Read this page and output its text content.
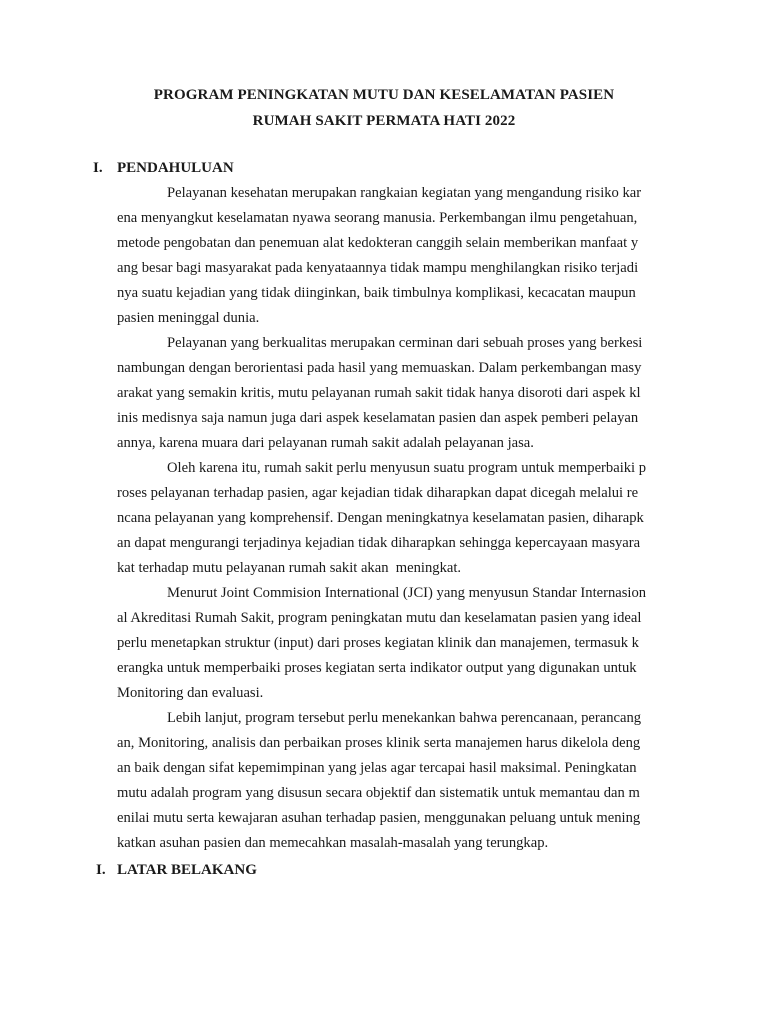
PROGRAM PENINGKATAN MUTU DAN KESELAMATAN PASIEN
RUMAH SAKIT PERMATA HATI 2022
I. PENDAHULUAN
Pelayanan kesehatan merupakan rangkaian kegiatan yang mengandung risiko kar
ena menyangkut keselamatan nyawa seorang manusia. Perkembangan ilmu pengetahuan,
metode pengobatan dan penemuan alat kedokteran canggih selain memberikan manfaat y
ang besar bagi masyarakat pada kenyataannya tidak mampu menghilangkan risiko terjadi
nya suatu kejadian yang tidak diinginkan, baik timbulnya komplikasi, kecacatan maupun
pasien meninggal dunia.
Pelayanan yang berkualitas merupakan cerminan dari sebuah proses yang berkesi
nambungan dengan berorientasi pada hasil yang memuaskan. Dalam perkembangan masy
arakat yang semakin kritis, mutu pelayanan rumah sakit tidak hanya disoroti dari aspek kl
inis medisnya saja namun juga dari aspek keselamatan pasien dan aspek pemberi pelayan
annya, karena muara dari pelayanan rumah sakit adalah pelayanan jasa.
Oleh karena itu, rumah sakit perlu menyusun suatu program untuk memperbaiki p
roses pelayanan terhadap pasien, agar kejadian tidak diharapkan dapat dicegah melalui re
ncana pelayanan yang komprehensif. Dengan meningkatnya keselamatan pasien, diharapk
an dapat mengurangi terjadinya kejadian tidak diharapkan sehingga kepercayaan masyara
kat terhadap mutu pelayanan rumah sakit akan  meningkat.
Menurut Joint Commision International (JCI) yang menyusun Standar Internasion
al Akreditasi Rumah Sakit, program peningkatan mutu dan keselamatan pasien yang ideal
perlu menetapkan struktur (input) dari proses kegiatan klinik dan manajemen, termasuk k
erangka untuk memperbaiki proses kegiatan serta indikator output yang digunakan untuk
Monitoring dan evaluasi.
Lebih lanjut, program tersebut perlu menekankan bahwa perencanaan, perancang
an, Monitoring, analisis dan perbaikan proses klinik serta manajemen harus dikelola deng
an baik dengan sifat kepemimpinan yang jelas agar tercapai hasil maksimal. Peningkatan
mutu adalah program yang disusun secara objektif dan sistematik untuk memantau dan m
enilai mutu serta kewajaran asuhan terhadap pasien, menggunakan peluang untuk mening
katkan asuhan pasien dan memecahkan masalah-masalah yang terungkap.
I. LATAR BELAKANG
